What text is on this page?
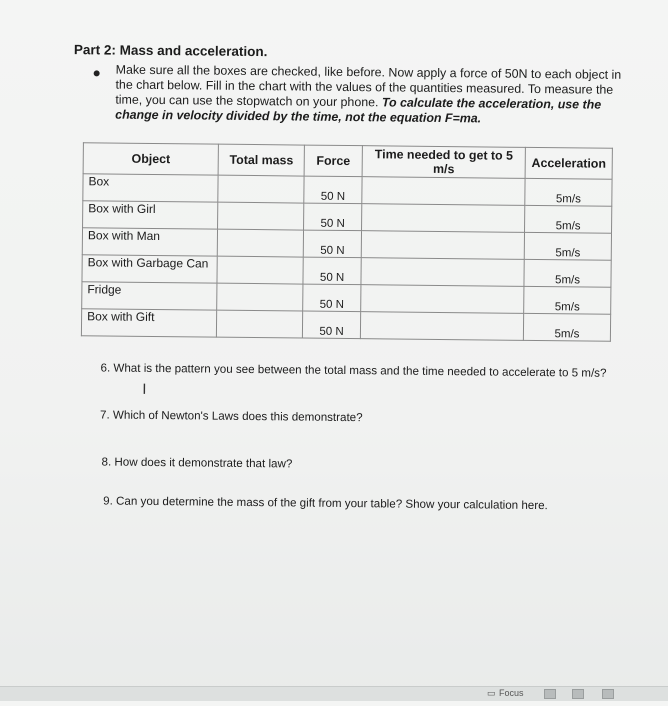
Part 2: Mass and acceleration.
Make sure all the boxes are checked, like before. Now apply a force of 50N to each object in the chart below. Fill in the chart with the values of the quantities measured. To measure the time, you can use the stopwatch on your phone. To calculate the acceleration, use the change in velocity divided by the time, not the equation F=ma.
Object	Total mass	Force	Time needed to get to 5 m/s	Acceleration
Box		50 N		5m/s
Box with Girl		50 N		5m/s
Box with Man		50 N		5m/s
Box with Garbage Can		50 N		5m/s
Fridge		50 N		5m/s
Box with Gift		50 N		5m/s
6. What is the pattern you see between the total mass and the time needed to accelerate to 5 m/s?
I
7. Which of Newton's Laws does this demonstrate?
8. How does it demonstrate that law?
9. Can you determine the mass of the gift from your table? Show your calculation here.
▭ Focus
